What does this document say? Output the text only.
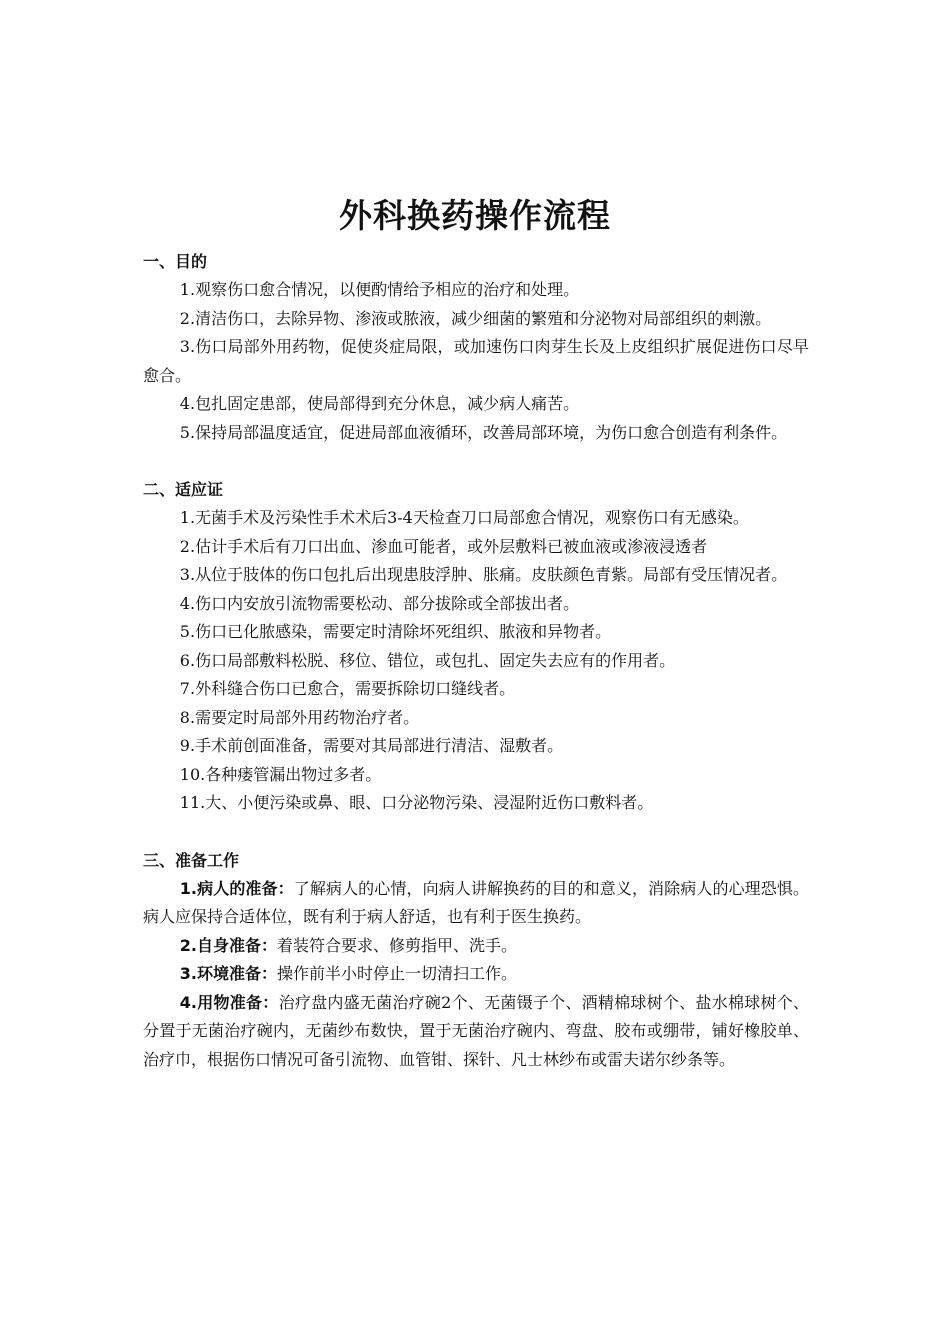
外科换药操作流程
一、目的

1.观察伤口愈合情况，以便酌情给予相应的治疗和处理。

2.清洁伤口，去除异物、渗液或脓液，减少细菌的繁殖和分泌物对局部组织的刺激。

3.伤口局部外用药物，促使炎症局限，或加速伤口肉芽生长及上皮组织扩展促进伤口尽早愈合。

4.包扎固定患部，使局部得到充分休息，减少病人痛苦。

5.保持局部温度适宜，促进局部血液循环，改善局部环境，为伤口愈合创造有利条件。

二、适应证

1.无菌手术及污染性手术术后3-4天检查刀口局部愈合情况，观察伤口有无感染。

2.估计手术后有刀口出血、渗血可能者，或外层敷料已被血液或渗液浸透者

3.从位于肢体的伤口包扎后出现患肢浮肿、胀痛。皮肤颜色青紫。局部有受压情况者。

4.伤口内安放引流物需要松动、部分拔除或全部拔出者。

5.伤口已化脓感染，需要定时清除坏死组织、脓液和异物者。

6.伤口局部敷料松脱、移位、错位，或包扎、固定失去应有的作用者。

7.外科缝合伤口已愈合，需要拆除切口缝线者。

8.需要定时局部外用药物治疗者。

9.手术前创面准备，需要对其局部进行清洁、湿敷者。

10.各种瘘管漏出物过多者。

11.大、小便污染或鼻、眼、口分泌物污染、浸湿附近伤口敷料者。

三、准备工作

1.病人的准备：了解病人的心情，向病人讲解换药的目的和意义，消除病人的心理恐惧。病人应保持合适体位，既有利于病人舒适，也有利于医生换药。

2.自身准备：着装符合要求、修剪指甲、洗手。

3.环境准备：操作前半小时停止一切清扫工作。

4.用物准备：治疗盘内盛无菌治疗碗2个、无菌镊子个、酒精棉球树个、盐水棉球树个、分置于无菌治疗碗内，无菌纱布数快，置于无菌治疗碗内、弯盘、胶布或绷带，铺好橡胶单、治疗巾，根据伤口情况可备引流物、血管钳、探针、凡士林纱布或雷夫诺尔纱条等。
